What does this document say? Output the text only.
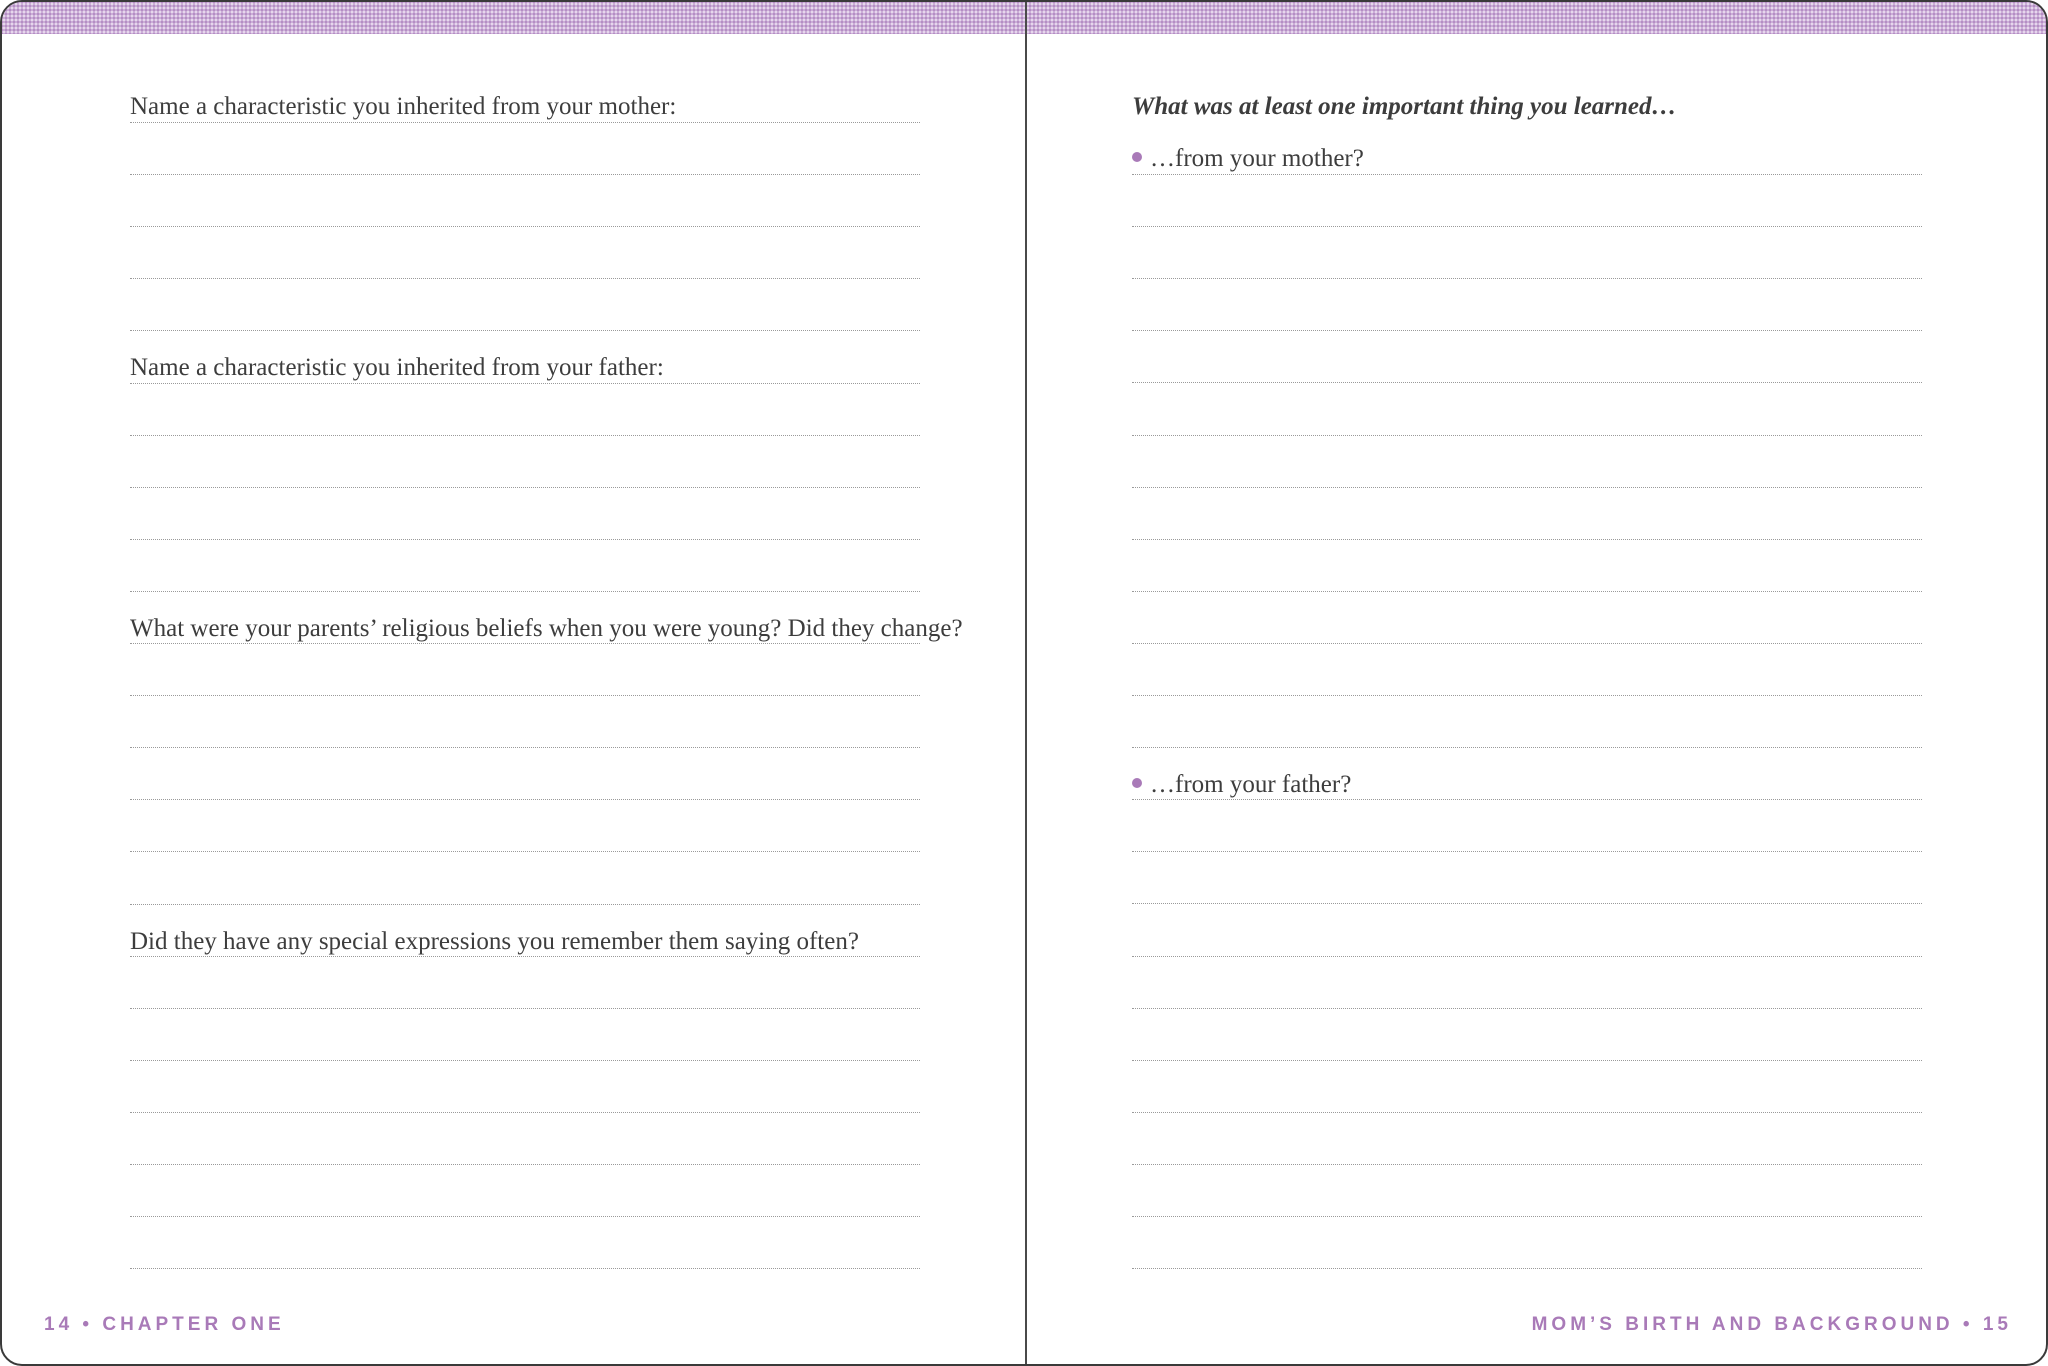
Name a characteristic you inherited from your mother:
Name a characteristic you inherited from your father:
What were your parents’ religious beliefs when you were young? Did they change?
Did they have any special expressions you remember them saying often?
14 • CHAPTER ONE
What was at least one important thing you learned…
…from your mother?
…from your father?
MOM’S BIRTH AND BACKGROUND • 15
